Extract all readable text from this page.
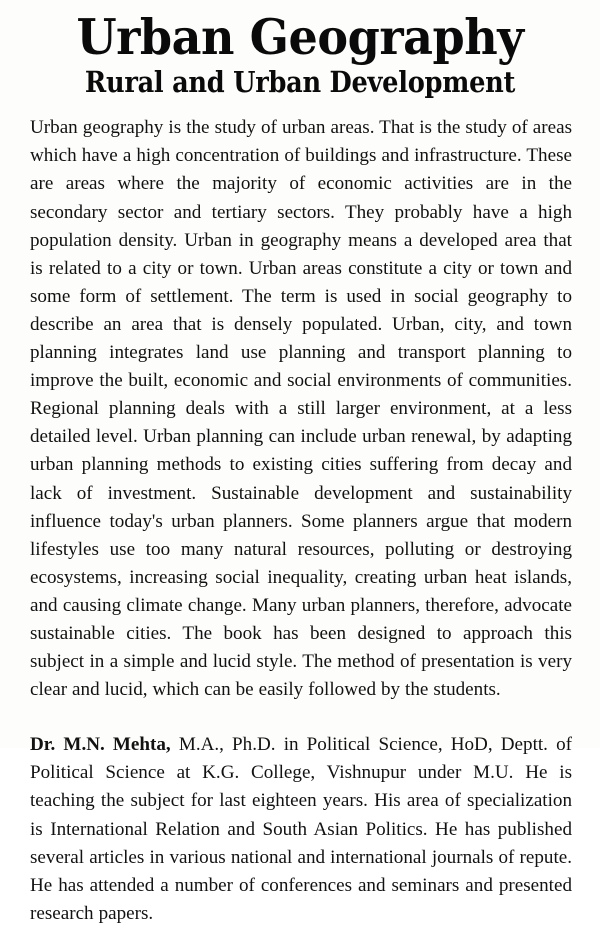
Urban Geography
Rural and Urban Development

Urban geography is the study of urban areas. That is the study of areas which have a high concentration of buildings and infrastructure. These are areas where the majority of economic activities are in the secondary sector and tertiary sectors. They probably have a high population density. Urban in geography means a developed area that is related to a city or town. Urban areas constitute a city or town and some form of settlement. The term is used in social geography to describe an area that is densely populated. Urban, city, and town planning integrates land use planning and transport planning to improve the built, economic and social environments of communities. Regional planning deals with a still larger environment, at a less detailed level. Urban planning can include urban renewal, by adapting urban planning methods to existing cities suffering from decay and lack of investment. Sustainable development and sustainability influence today's urban planners. Some planners argue that modern lifestyles use too many natural resources, polluting or destroying ecosystems, increasing social inequality, creating urban heat islands, and causing climate change. Many urban planners, therefore, advocate sustainable cities. The book has been designed to approach this subject in a simple and lucid style. The method of presentation is very clear and lucid, which can be easily followed by the students.

Dr. M.N. Mehta, M.A., Ph.D. in Political Science, HoD, Deptt. of Political Science at K.G. College, Vishnupur under M.U. He is teaching the subject for last eighteen years. His area of specialization is International Relation and South Asian Politics. He has published several articles in various national and international journals of repute. He has attended a number of conferences and seminars and presented research papers.
